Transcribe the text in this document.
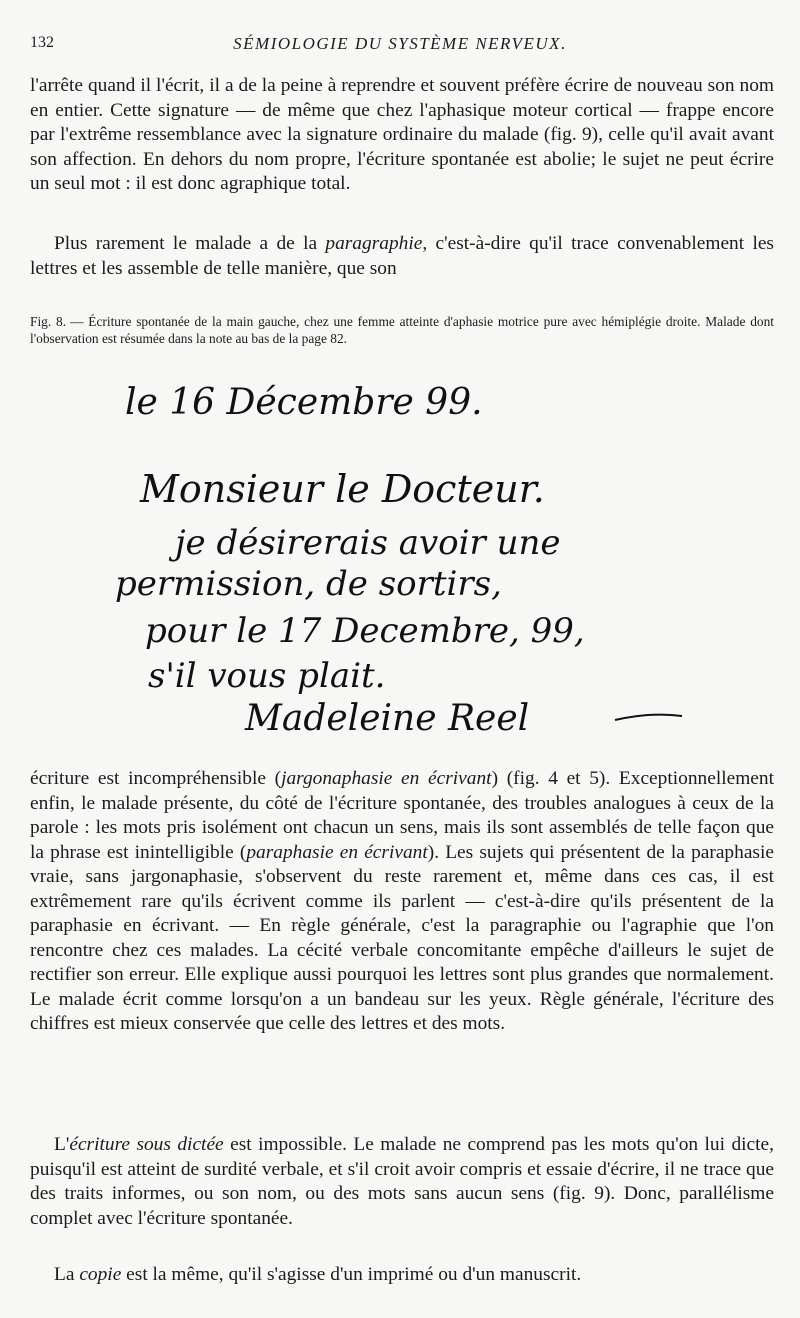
132	SÉMIOLOGIE DU SYSTÈME NERVEUX.

l'arrête quand il l'écrit, il a de la peine à reprendre et souvent préfère écrire de nouveau son nom en entier. Cette signature — de même que chez l'aphasique moteur cortical — frappe encore par l'extrême ressemblance avec la signature ordinaire du malade (fig. 9), celle qu'il avait avant son affection. En dehors du nom propre, l'écriture spontanée est abolie; le sujet ne peut écrire un seul mot : il est donc agraphique total.

Plus rarement le malade a de la paragraphie, c'est-à-dire qu'il trace convenablement les lettres et les assemble de telle manière, que son

Fig. 8. — Écriture spontanée de la main gauche, chez une femme atteinte d'aphasie motrice pure avec hémiplégie droite. Malade dont l'observation est résumée dans la note au bas de la page 82.
le 16 Décembre 99.
Monsieur le Docteur.
je désirerais avoir une
permission, de sortirs,
pour le 17 Decembre, 99,
s'il vous plait.
Madeleine Reel

écriture est incompréhensible (jargonaphasie en écrivant) (fig. 4 et 5). Exceptionnellement enfin, le malade présente, du côté de l'écriture spontanée, des troubles analogues à ceux de la parole : les mots pris isolément ont chacun un sens, mais ils sont assemblés de telle façon que la phrase est inintelligible (paraphasie en écrivant). Les sujets qui présentent de la paraphasie vraie, sans jargonaphasie, s'observent du reste rarement et, même dans ces cas, il est extrêmement rare qu'ils écrivent comme ils parlent — c'est-à-dire qu'ils présentent de la paraphasie en écrivant. — En règle générale, c'est la paragraphie ou l'agraphie que l'on rencontre chez ces malades. La cécité verbale concomitante empêche d'ailleurs le sujet de rectifier son erreur. Elle explique aussi pourquoi les lettres sont plus grandes que normalement. Le malade écrit comme lorsqu'on a un bandeau sur les yeux. Règle générale, l'écriture des chiffres est mieux conservée que celle des lettres et des mots.

L'écriture sous dictée est impossible. Le malade ne comprend pas les mots qu'on lui dicte, puisqu'il est atteint de surdité verbale, et s'il croit avoir compris et essaie d'écrire, il ne trace que des traits informes, ou son nom, ou des mots sans aucun sens (fig. 9). Donc, parallélisme complet avec l'écriture spontanée.

La copie est la même, qu'il s'agisse d'un imprimé ou d'un manuscrit.
